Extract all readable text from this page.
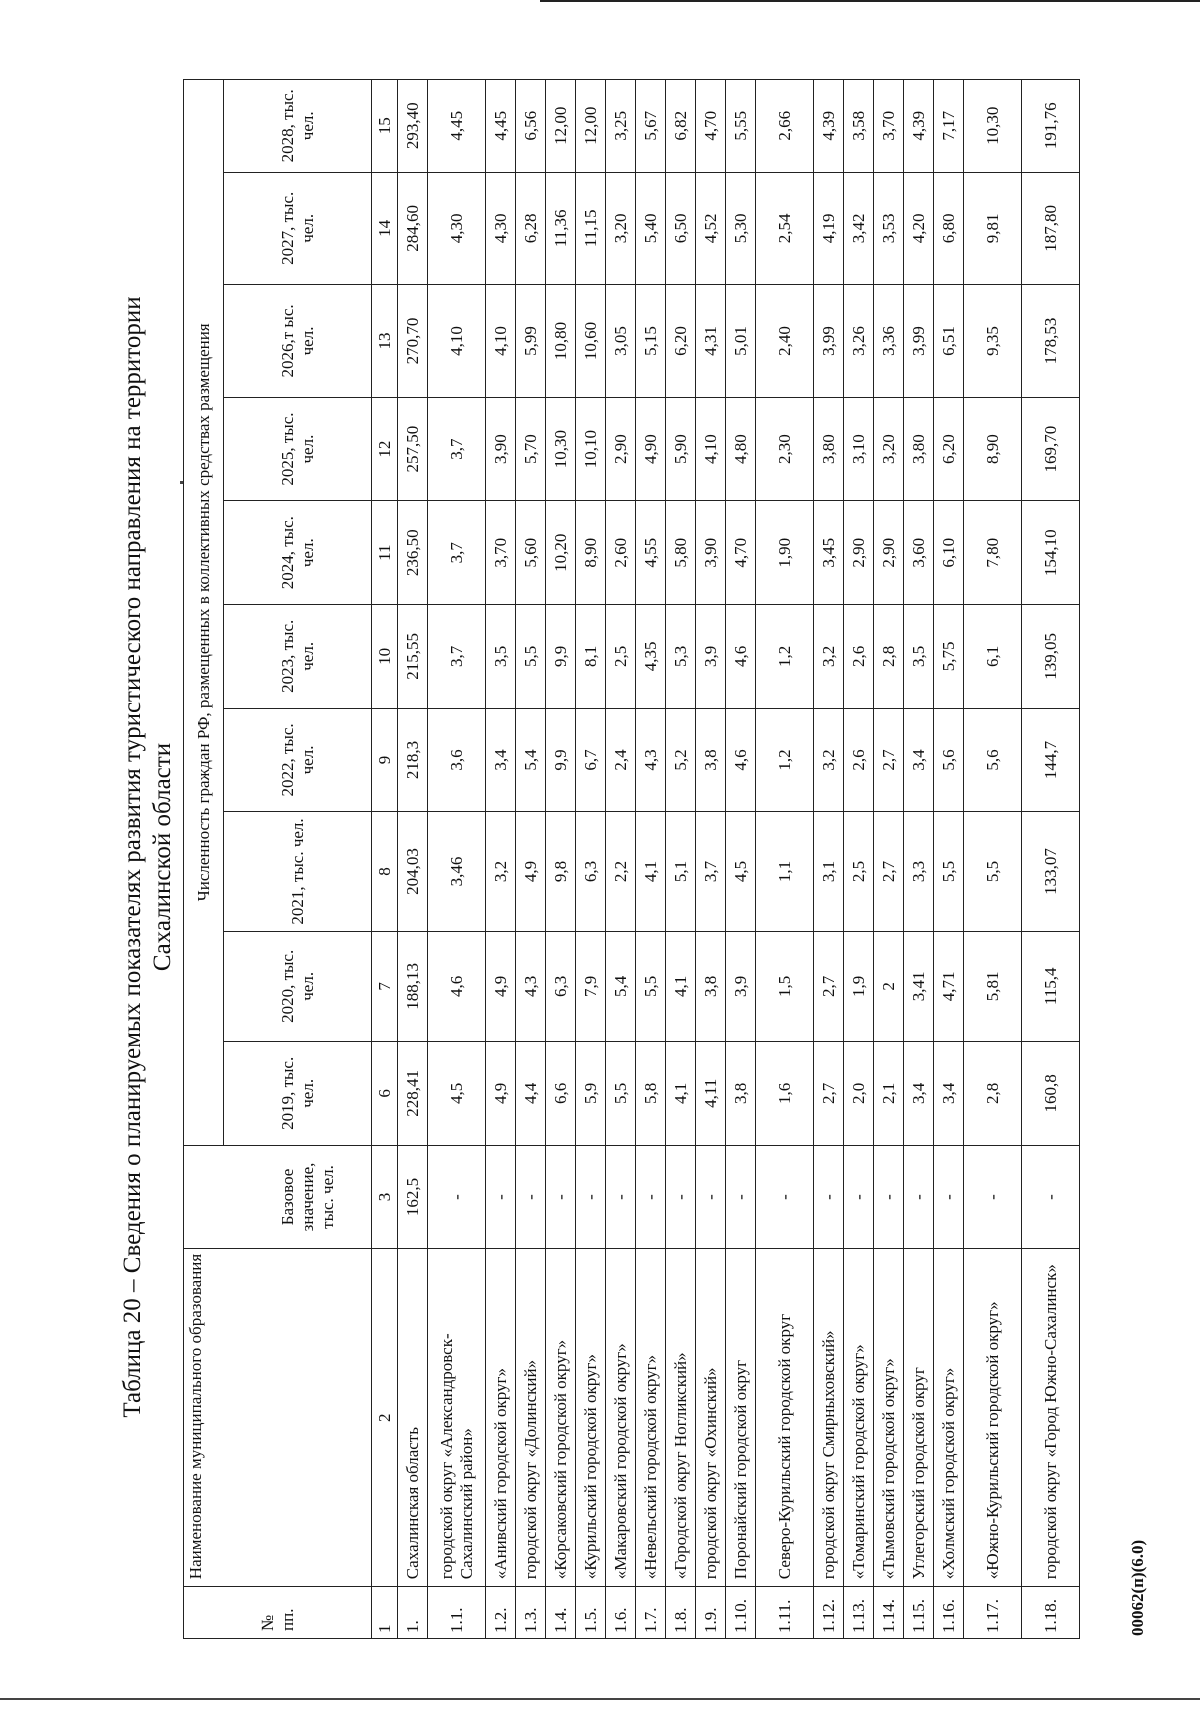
Таблица 20 – Сведения о планируемых показателях развития туристического направления на территории Сахалинской области
№ пп.	Наименование муниципального образования	Базовое значение, тыс. чел.	Численность граждан РФ, размещенных в коллективных средствах размещения									
			2019, тыс. чел.	2020, тыс. чел.	2021, тыс. чел.	2022, тыс. чел.	2023, тыс. чел.	2024, тыс. чел.	2025, тыс. чел.	2026,т ыс. чел.	2027, тыс. чел.	2028, тыс. чел.
1	2	3	6	7	8	9	10	11	12	13	14	15
1.	Сахалинская область	162,5	228,41	188,13	204,03	218,3	215,55	236,50	257,50	270,70	284,60	293,40
1.1.	городской округ «Александровск-Сахалинский район»	-	4,5	4,6	3,46	3,6	3,7	3,7	3,7	4,10	4,30	4,45
1.2.	«Анивский городской округ»	-	4,9	4,9	3,2	3,4	3,5	3,70	3,90	4,10	4,30	4,45
1.3.	городской округ «Долинский»	-	4,4	4,3	4,9	5,4	5,5	5,60	5,70	5,99	6,28	6,56
1.4.	«Корсаковский городской округ»	-	6,6	6,3	9,8	9,9	9,9	10,20	10,30	10,80	11,36	12,00
1.5.	«Курильский городской округ»	-	5,9	7,9	6,3	6,7	8,1	8,90	10,10	10,60	11,15	12,00
1.6.	«Макаровский городской округ»	-	5,5	5,4	2,2	2,4	2,5	2,60	2,90	3,05	3,20	3,25
1.7.	«Невельский городской округ»	-	5,8	5,5	4,1	4,3	4,35	4,55	4,90	5,15	5,40	5,67
1.8.	«Городской округ Ногликский»	-	4,1	4,1	5,1	5,2	5,3	5,80	5,90	6,20	6,50	6,82
1.9.	городской округ «Охинский»	-	4,11	3,8	3,7	3,8	3,9	3,90	4,10	4,31	4,52	4,70
1.10.	Поронайский городской округ	-	3,8	3,9	4,5	4,6	4,6	4,70	4,80	5,01	5,30	5,55
1.11.	Северо-Курильский городской округ	-	1,6	1,5	1,1	1,2	1,2	1,90	2,30	2,40	2,54	2,66
1.12.	городской округ Смирныховский»	-	2,7	2,7	3,1	3,2	3,2	3,45	3,80	3,99	4,19	4,39
1.13.	«Томаринский городской округ»	-	2,0	1,9	2,5	2,6	2,6	2,90	3,10	3,26	3,42	3,58
1.14.	«Тымовский городской округ»	-	2,1	2	2,7	2,7	2,8	2,90	3,20	3,36	3,53	3,70
1.15.	Углегорский городской округ	-	3,4	3,41	3,3	3,4	3,5	3,60	3,80	3,99	4,20	4,39
1.16.	«Холмский городской округ»	-	3,4	4,71	5,5	5,6	5,75	6,10	6,20	6,51	6,80	7,17
1.17.	«Южно-Курильский городской округ»	-	2,8	5,81	5,5	5,6	6,1	7,80	8,90	9,35	9,81	10,30
1.18.	городской округ «Город Южно-Сахалинск»	-	160,8	115,4	133,07	144,7	139,05	154,10	169,70	178,53	187,80	191,76
00062(п)(6.0)
